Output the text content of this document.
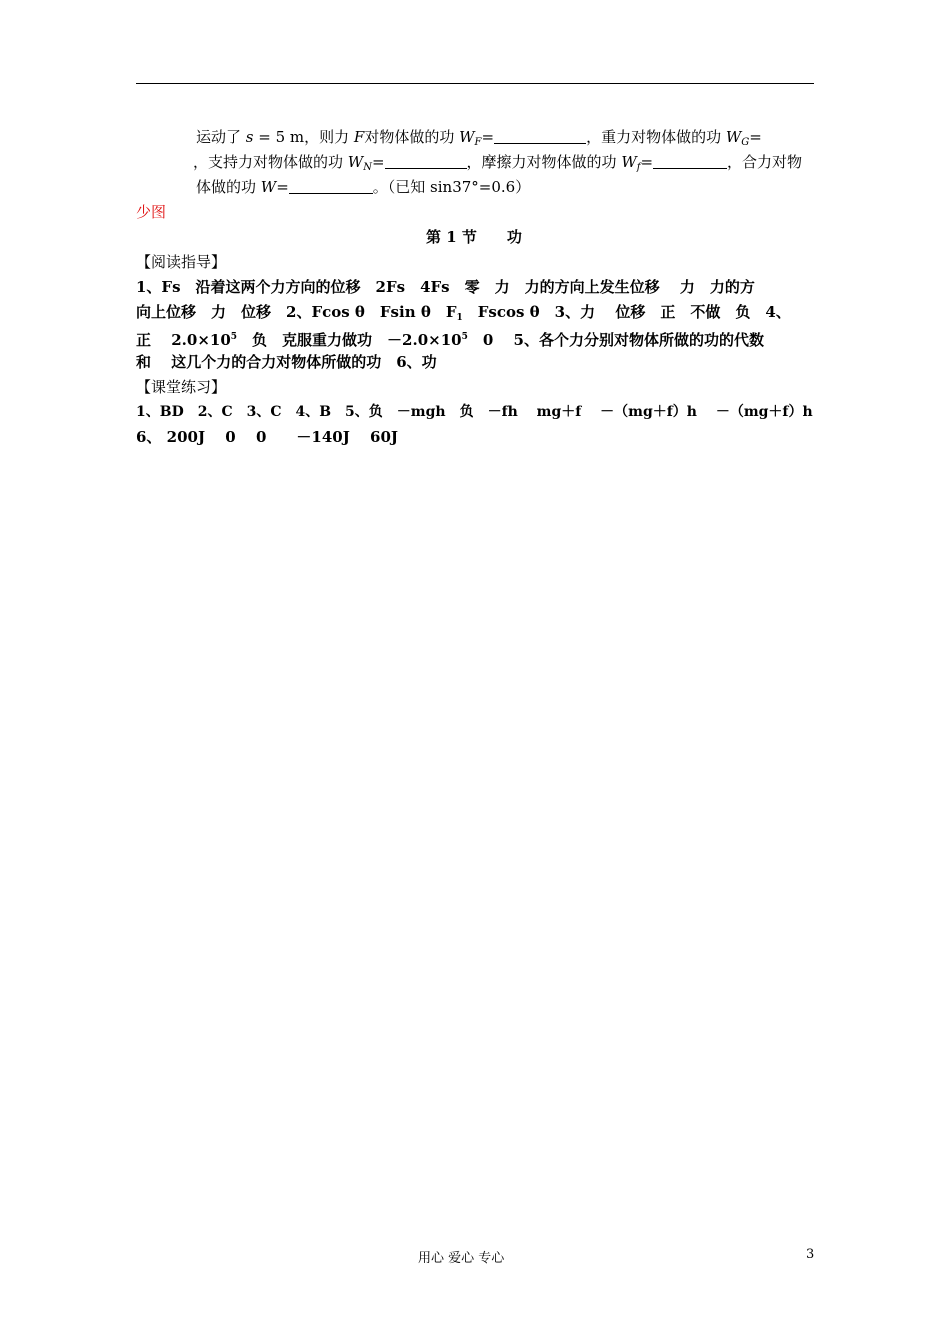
运动了 s = 5 m，则力 F对物体做的功 $W_F=$	，重力对物体做的功 $W_G=$
，支持力对物体做的功 $W_N=$	，摩擦力对物体做的功 $W_f=$	，合力对物
体做的功 W=	。（已知 sin37°=0.6）
少图
第 1 节　　功
【阅读指导】
1、Fs　沿着这两个力方向的位移　2Fs　4Fs　零　力　力的方向上发生位移　 力　力的方
向上位移　力　位移　2、Fcos θ　Fsin θ　$F_1$　Fscos θ　3、力　 位移　正　不做　负　4、
正　 $2.0\times 10^5$　负　克服重力做功　$-2.0\times 10^5$　0　 5、各个力分别对物体所做的功的代数
和　 这几个力的合力对物体所做的功　6、功
【课堂练习】
1、BD　2、C　3、C　4、B　5、负　－mgh　负　－fh　 mg＋f　 －（mg＋f）h　 －（mg＋f）h
6、 200J　 0　 0　　－140J　 60J
用心 爱心 专心	3
